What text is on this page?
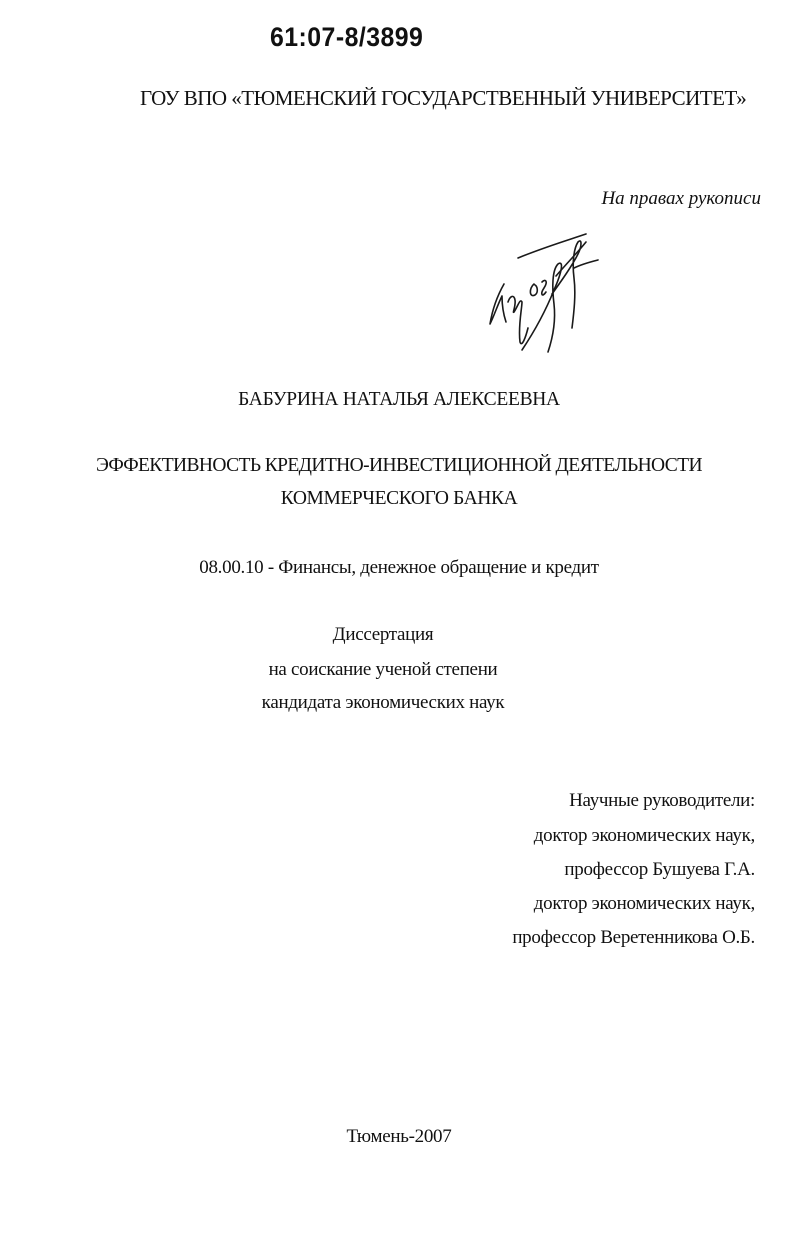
61:07-8/3899
ГОУ ВПО «ТЮМЕНСКИЙ ГОСУДАРСТВЕННЫЙ УНИВЕРСИТЕТ»
На правах рукописи
БАБУРИНА НАТАЛЬЯ АЛЕКСЕЕВНА
ЭФФЕКТИВНОСТЬ КРЕДИТНО-ИНВЕСТИЦИОННОЙ ДЕЯТЕЛЬНОСТИ
КОММЕРЧЕСКОГО БАНКА
08.00.10 - Финансы, денежное обращение и кредит
Диссертация
на соискание ученой степени
кандидата экономических наук
Научные руководители:
доктор экономических наук,
профессор Бушуева Г.А.
доктор экономических наук,
профессор Веретенникова О.Б.
Тюмень-2007
